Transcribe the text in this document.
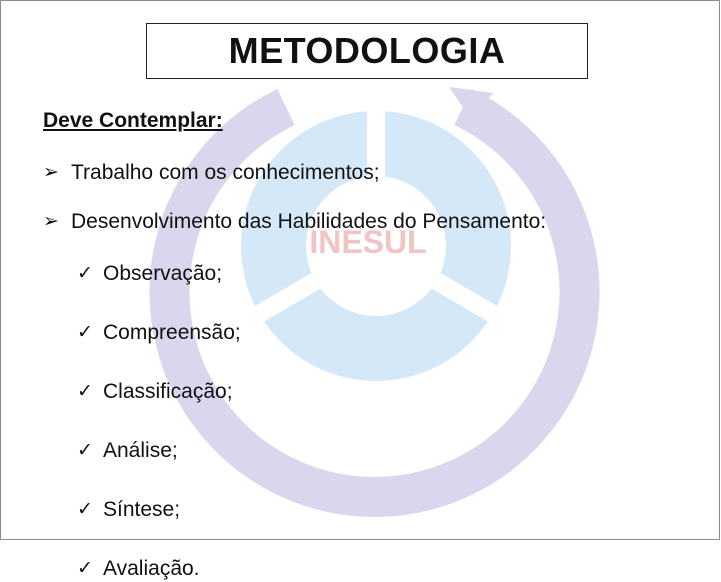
INESUL
METODOLOGIA
Deve Contemplar:
➢ Trabalho com os conhecimentos;
➢ Desenvolvimento das Habilidades do Pensamento:
✓ Observação;
✓ Compreensão;
✓ Classificação;
✓ Análise;
✓ Síntese;
✓ Avaliação.
